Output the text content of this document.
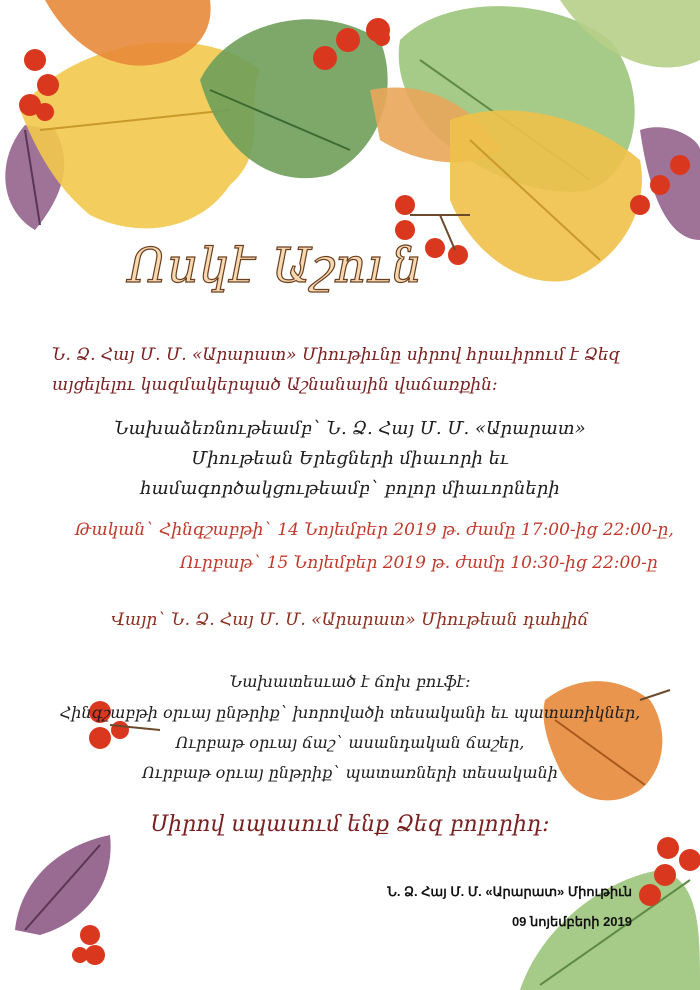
Ոսկէ Աշուն
Ն. Ձ. Հայ Մ. Մ. «Արարատ» Միութիւնը սիրով հրաւիրում է Ձեզ
այցելելու կազմակերպած Աշնանային վաճառքին:
Նախաձեռնութեամբ` Ն. Ձ. Հայ Մ. Մ. «Արարատ»
Միութեան Երեցների միաւորի եւ
համագործակցութեամբ` բոլոր միաւորների
Թական` Հինգշաբթի` 14 Նոյեմբեր 2019 թ. ժամը 17:00-ից 22:00-ը,
Ուրբաթ` 15 Նոյեմբեր 2019 թ. ժամը 10:30-ից 22:00-ը
Վայր` Ն. Ձ. Հայ Մ. Մ. «Արարատ» Միութեան դահլիճ
Նախատեսւած է ճոխ բուֆէ:
Հինգշաբթի օրւայ ընթրիք` խորովածի տեսականի եւ պատառիկներ,
Ուրբաթ օրւայ ճաշ` ասանդական ճաշեր,
Ուրբաթ օրւայ ընթրիք` պատառների տեսականի
Սիրով սպասում ենք Ձեզ բոլորիդ:
Ն. Ձ. Հայ Մ. Մ. «Արարատ» Միութիւն
09 նոյեմբերի 2019
